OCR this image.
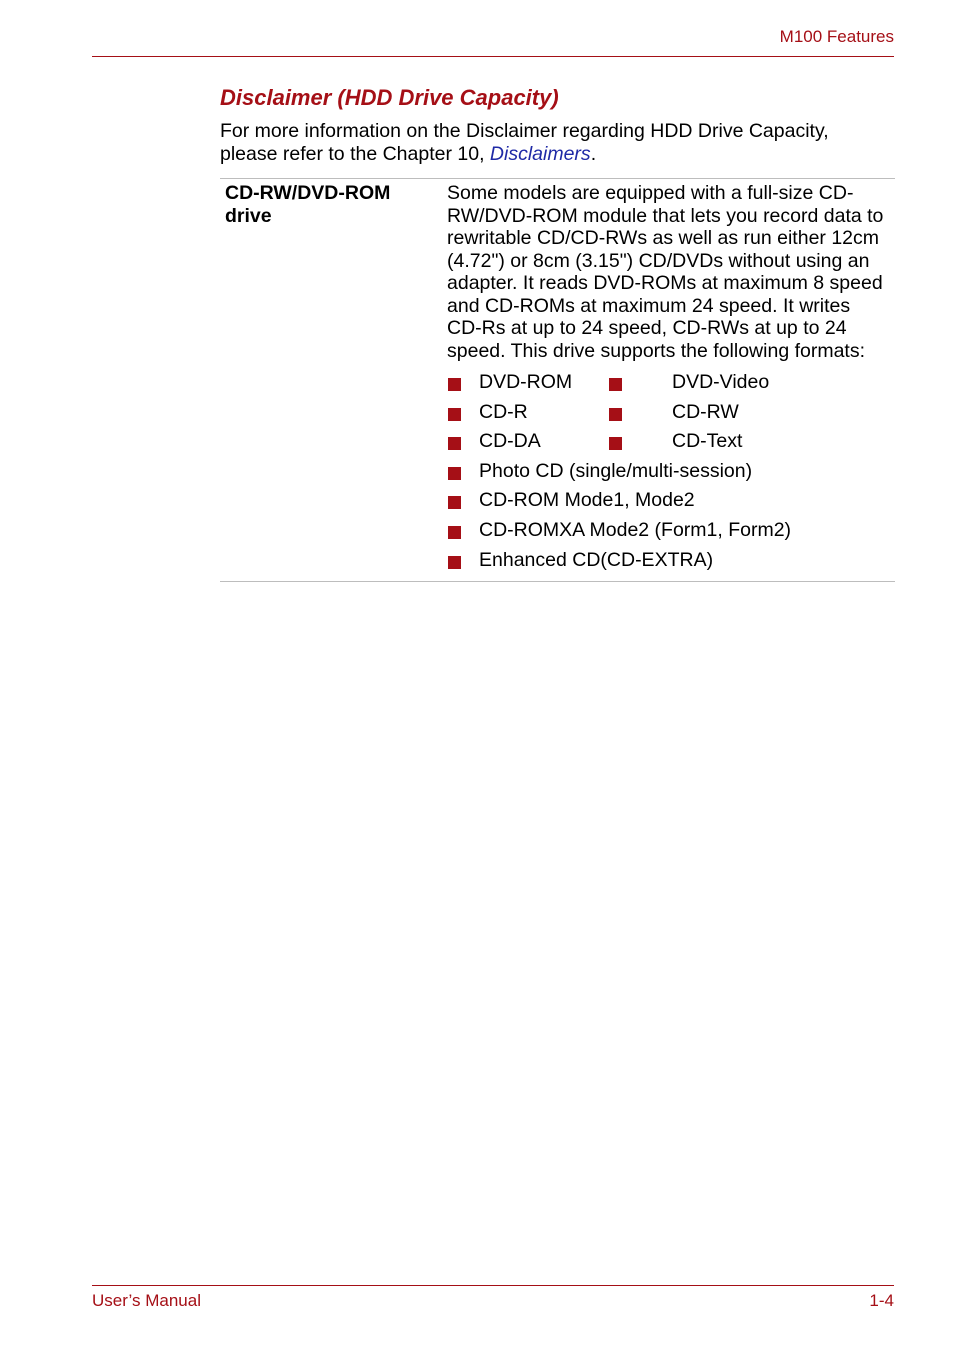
M100 Features
Disclaimer (HDD Drive Capacity)

For more information on the Disclaimer regarding HDD Drive Capacity, please refer to the Chapter 10, Disclaimers.

CD-RW/DVD-ROM
drive

Some models are equipped with a full-size CD-RW/DVD-ROM module that lets you record data to rewritable CD/CD-RWs as well as run either 12cm (4.72") or 8cm (3.15") CD/DVDs without using an adapter. It reads DVD-ROMs at maximum 8 speed and CD-ROMs at maximum 24 speed. It writes CD-Rs at up to 24 speed, CD-RWs at up to 24 speed. This drive supports the following formats:

DVD-ROM	DVD-Video
CD-R	CD-RW
CD-DA	CD-Text
Photo CD (single/multi-session)
CD-ROM Mode1, Mode2
CD-ROMXA Mode2 (Form1, Form2)
Enhanced CD(CD-EXTRA)
User’s Manual	1-4
